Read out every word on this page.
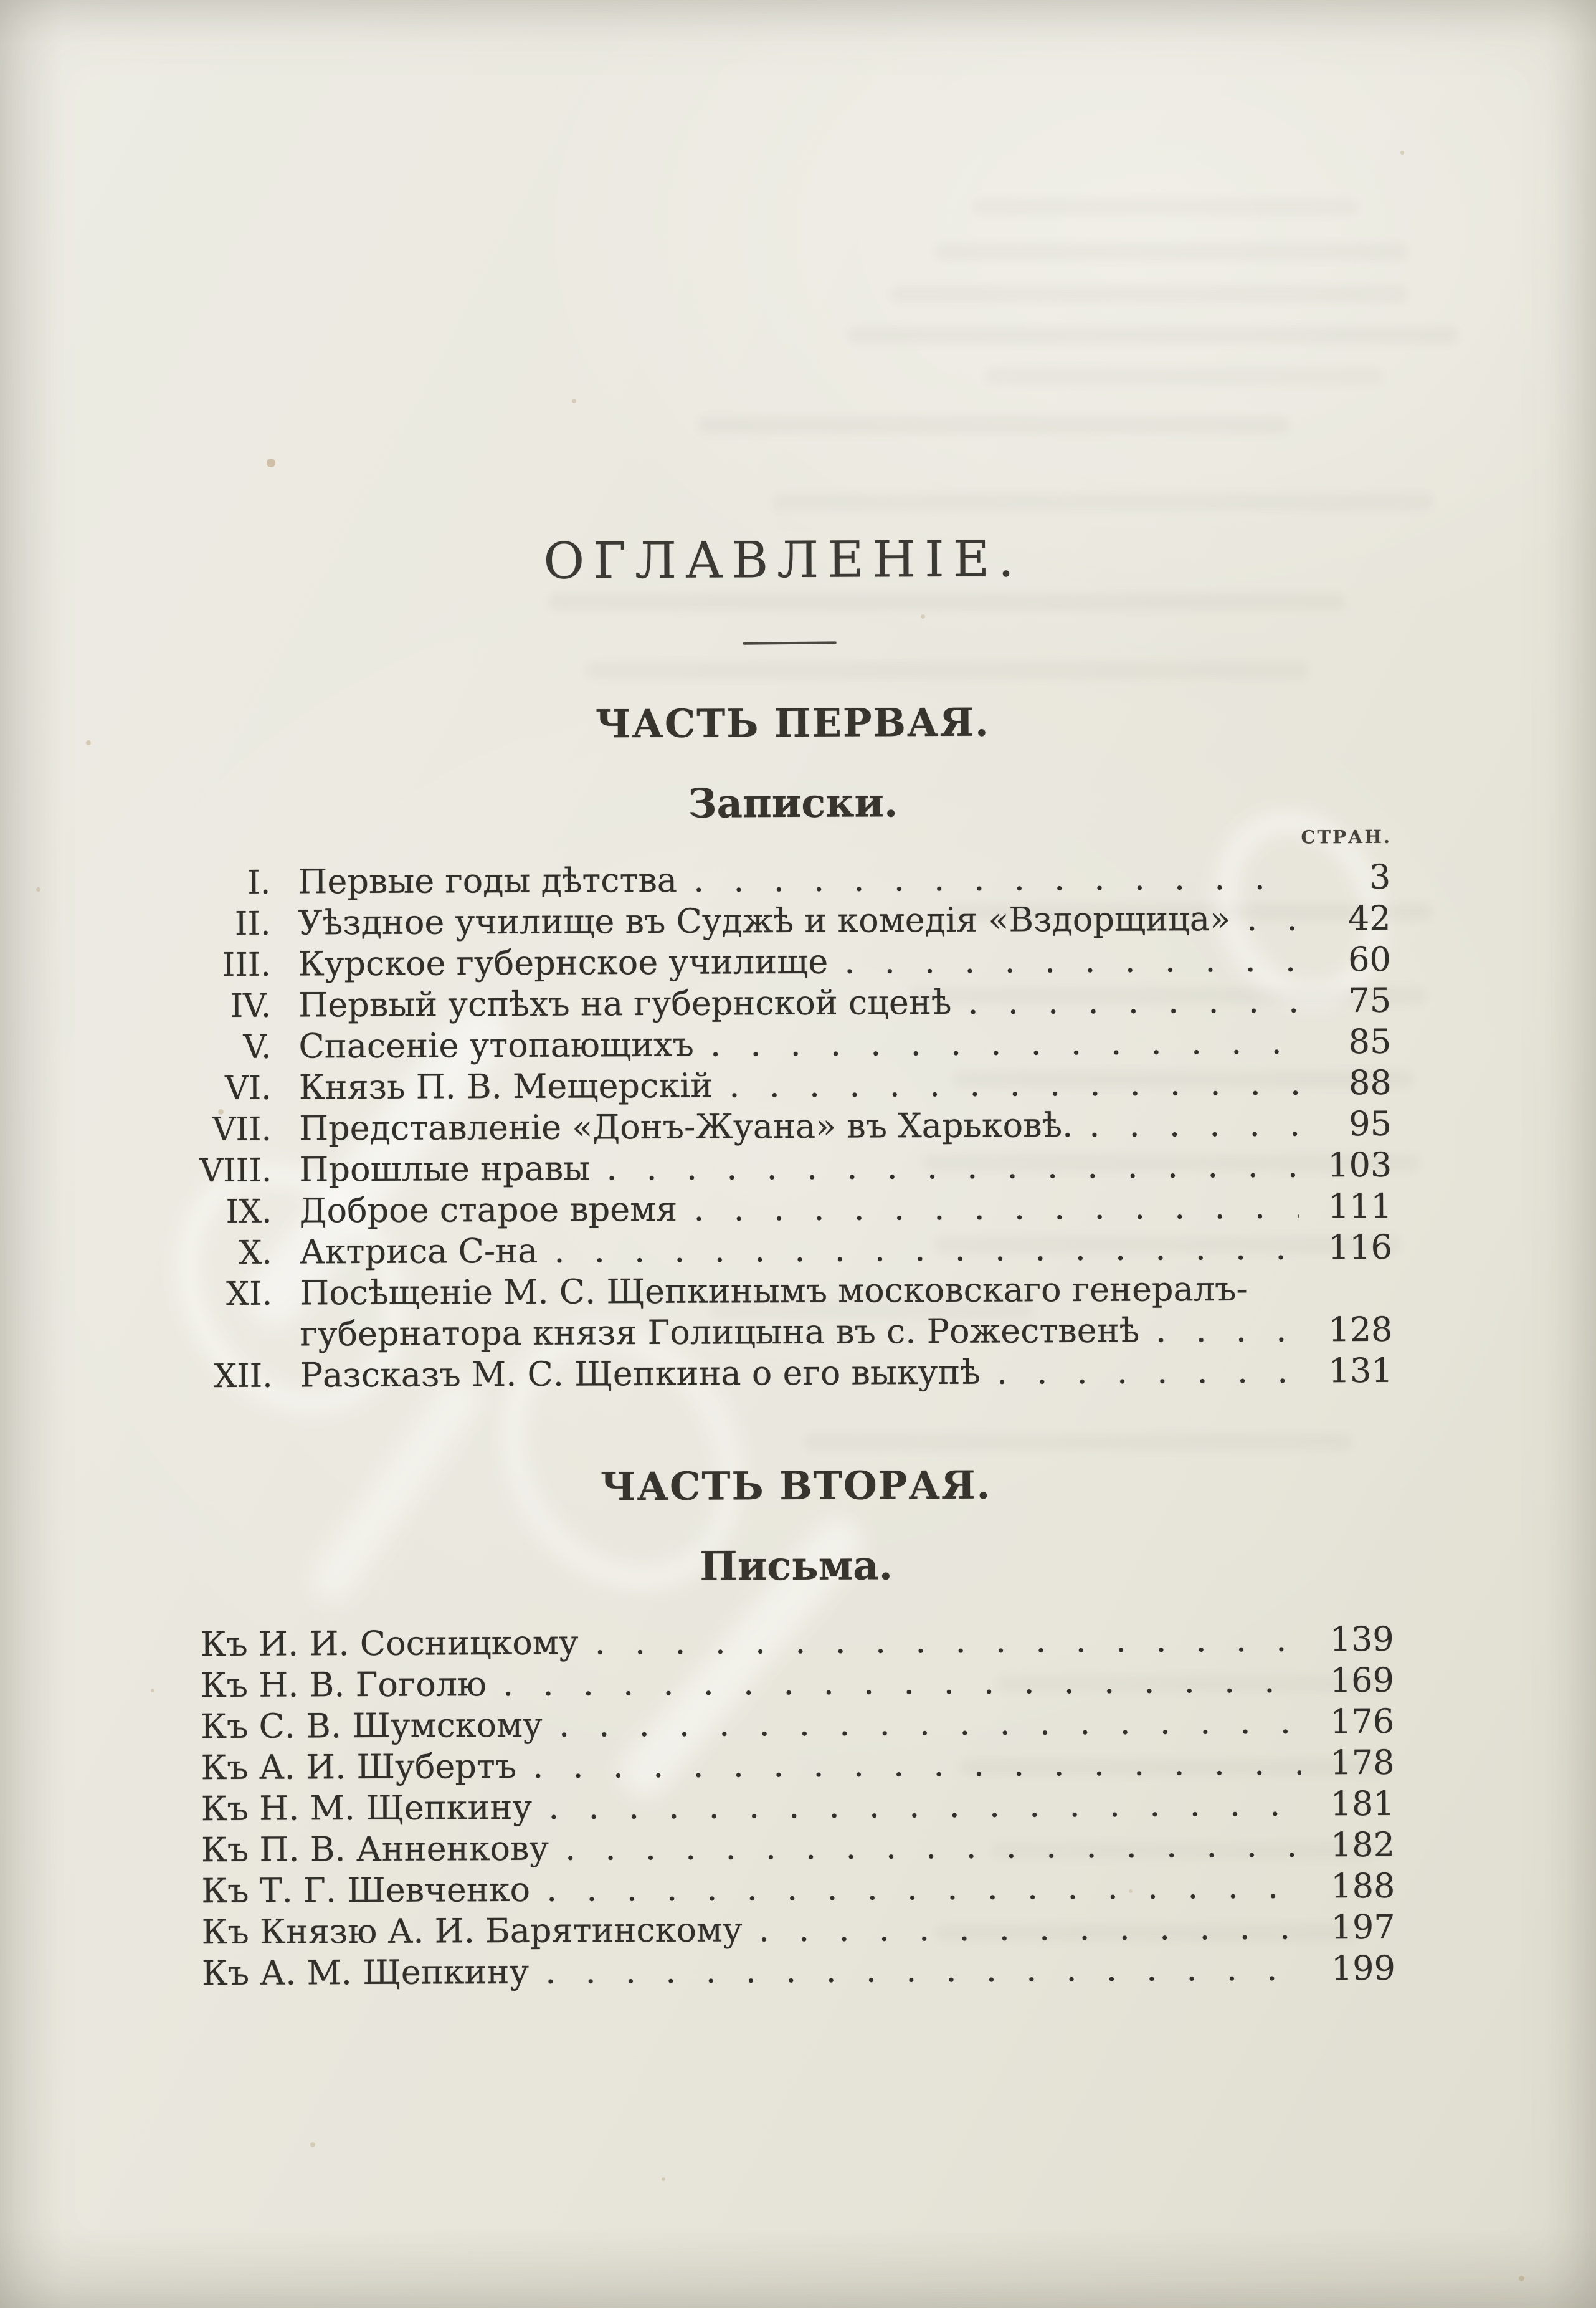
ОГЛАВЛЕНІЕ.
ЧАСТЬ ПЕРВАЯ.
Записки.
СТРАН.
I. Первые годы дѣтства . . .	3
II. Уѣздное училище въ Суджѣ и комедія «Вздорщица» . . .	42
III. Курское губернское училище . . .	60
IV. Первый успѣхъ на губернской сценѣ . . .	75
V. Спасеніе утопающихъ . . .	85
VI. Князь П. В. Мещерскій . . .	88
VII. Представленіе «Донъ-Жуана» въ Харьковѣ. . . .	95
VIII. Прошлые нравы . . .	103
IX. Доброе старое время . . .	111
X. Актриса С-на . . .	116
XI. Посѣщеніе М. С. Щепкинымъ московскаго генералъ-
губернатора князя Голицына въ с. Рожественѣ . . .	128
XII. Разсказъ М. С. Щепкина о его выкупѣ . . .	131
ЧАСТЬ ВТОРАЯ.
Письма.
Къ И. И. Сосницкому . . .	139
Къ Н. В. Гоголю . . .	169
Къ С. В. Шумскому . . .	176
Къ А. И. Шубертъ . . .	178
Къ Н. М. Щепкину . . .	181
Къ П. В. Анненкову . . .	182
Къ Т. Г. Шевченко . . .	188
Къ Князю А. И. Барятинскому . . .	197
Къ А. М. Щепкину . . .	199
